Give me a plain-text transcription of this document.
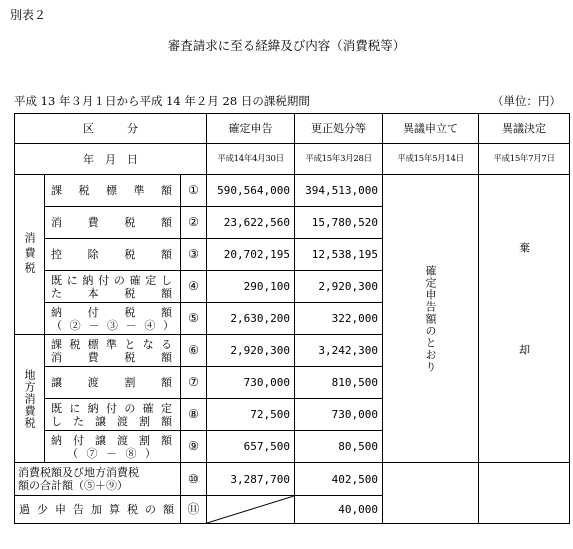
別表２
審査請求に至る経緯及び内容（消費税等）
平成 13 年３月１日から平成 14 年２月 28 日の課税期間	（単位：円）
区　　　分			確定申告	更正処分等	異議申立て	異議決定
年　月　日			平成14年4月30日	平成15年3月28日	平成15年5月14日	平成15年7月7日

消費税	課税標準額	①	590,564,000	394,513,000	確定申告額のとおり	棄　却

	消費税額	②	23,622,560	15,780,520		
	控除税額	③	20,702,195	12,538,195		

	既に納付の確定し
た本税額	④	290,100	2,920,300		

	納付税額
（②－③－④）	⑤	2,630,200	322,000		

地方消費税	課税標準となる
消費税額	⑥	2,920,300	3,242,300		
	譲渡割額	⑦	730,000	810,500		

	既に納付の確定
した譲渡割額	⑧	72,500	730,000		

	納付譲渡割額
（⑦－⑧）	⑨	657,500	80,500		

消費税額及び地方消費税
額の合計額（⑤＋⑨）		⑩	3,287,700	402,500		
過少申告加算税の額		⑪		40,000		
